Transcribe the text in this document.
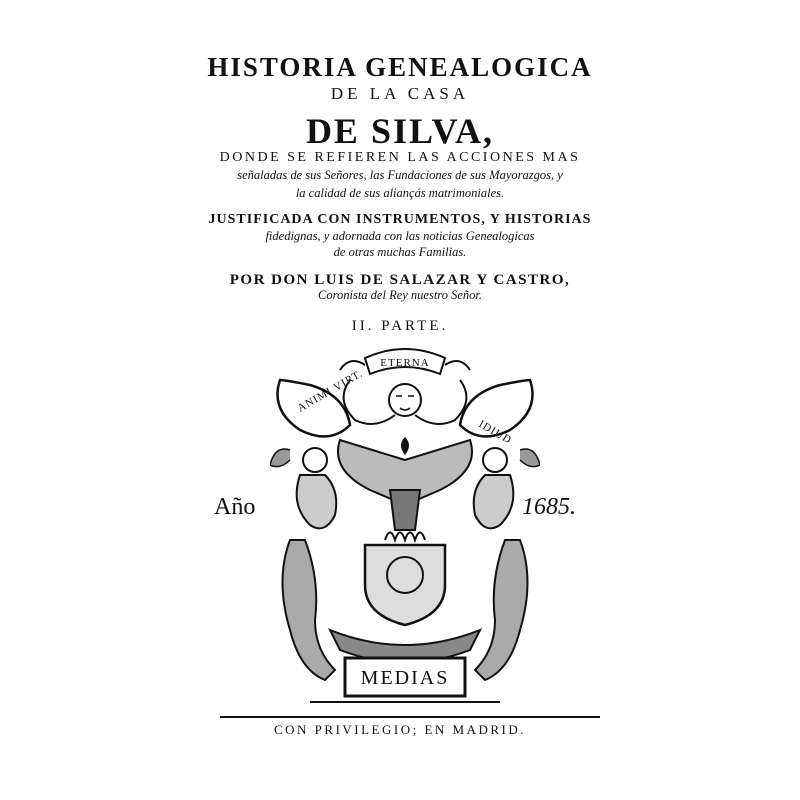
HISTORIA GENEALOGICA
DE LA CASA
DE SILVA,
DONDE SE REFIEREN LAS ACCIONES MAS
señaladas de sus Señores, las Fundaciones de sus Mayorazgos, y
la calidad de sus aliançás matrimoniales.
JUSTIFICADA CON INSTRUMENTOS, Y HISTORIAS
fidedignas, y adornada con las noticias Genealogicas
de otras muchas Familias.
POR DON LUIS DE SALAZAR Y CASTRO,
Coronista del Rey nuestro Señor.
II. PARTE.
ETERNA
ANIMI VIRT.
IDIUD
MEDIAS
Año	1685.
CON PRIVILEGIO; EN MADRID.
